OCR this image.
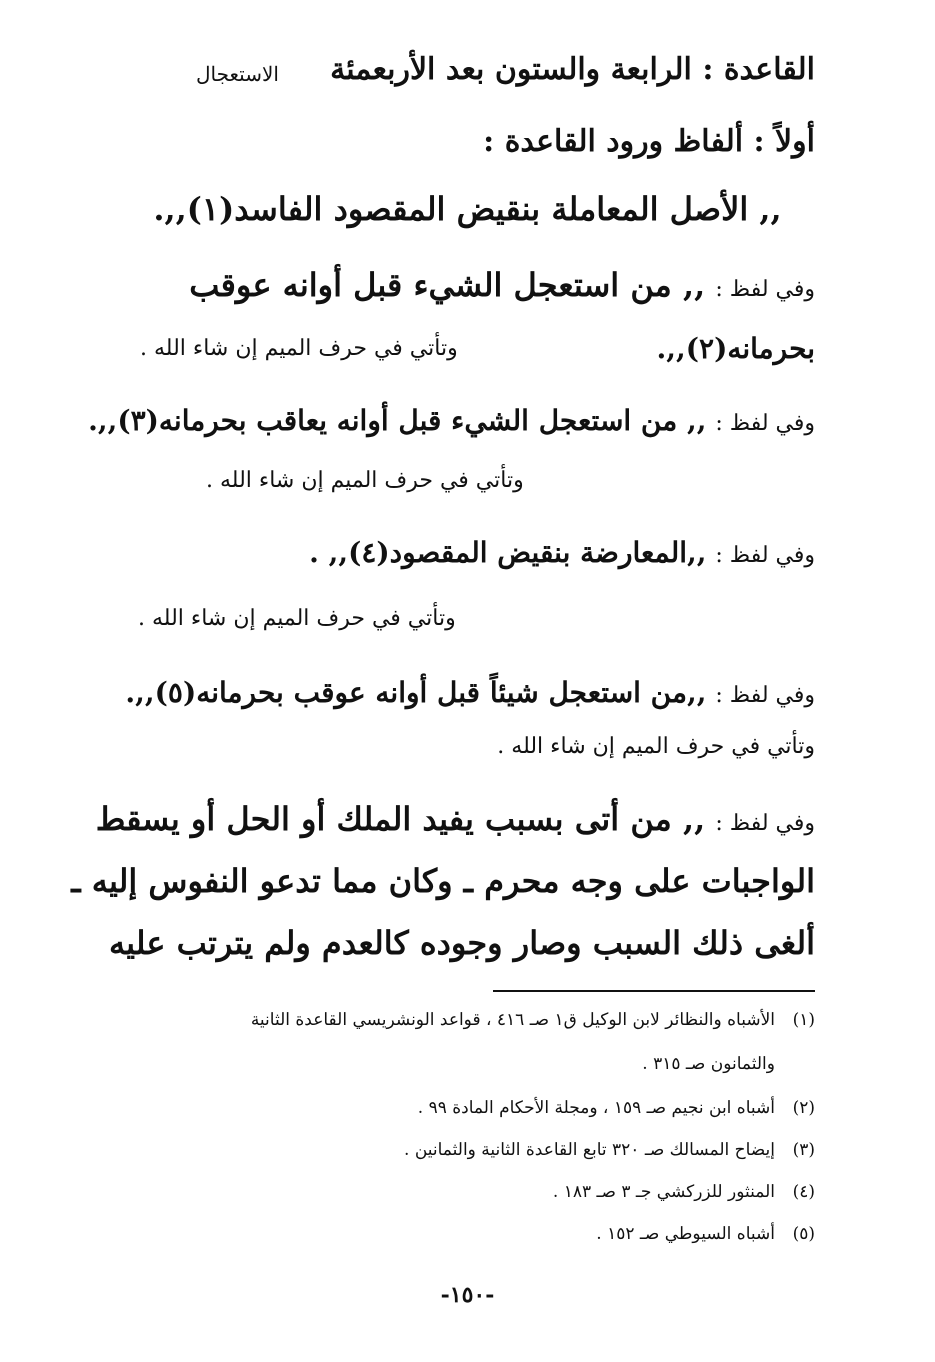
القاعدة : الرابعة والستون بعد الأربعمئة
الاستعجال
أولاً : ألفاظ ورود القاعدة :
,, الأصل المعاملة بنقيض المقصود الفاسد(١),,.
وفي لفظ : ,, من استعجل الشيء قبل أوانه عوقب
بحرمانه(٢),,.
وتأتي في حرف الميم إن شاء الله .
وفي لفظ : ,, من استعجل الشيء قبل أوانه يعاقب بحرمانه(٣),,.
وتأتي في حرف الميم إن شاء الله .
وفي لفظ : ,,المعارضة بنقيض المقصود(٤),, .
وتأتي في حرف الميم إن شاء الله .
وفي لفظ : ,,من استعجل شيئاً قبل أوانه عوقب بحرمانه(٥),,.
وتأتي في حرف الميم إن شاء الله .
وفي لفظ : ,, من أتى بسبب يفيد الملك أو الحل أو يسقط
الواجبات على وجه محرم ـ وكان مما تدعو النفوس إليه ـ
ألغى ذلك السبب وصار وجوده كالعدم ولم يترتب عليه
(١)الأشباه والنظائر لابن الوكيل ق١ صـ ٤١٦ ، قواعد الونشريسي القاعدة الثانية
والثمانون صـ ٣١٥ .
(٢)أشباه ابن نجيم صـ ١٥٩ ، ومجلة الأحكام المادة ٩٩ .
(٣)إيضاح المسالك صـ ٣٢٠ تابع القاعدة الثانية والثمانين .
(٤)المنثور للزركشي جـ ٣ صـ ١٨٣ .
(٥)أشباه السيوطي صـ ١٥٢ .
-١٥٠-
